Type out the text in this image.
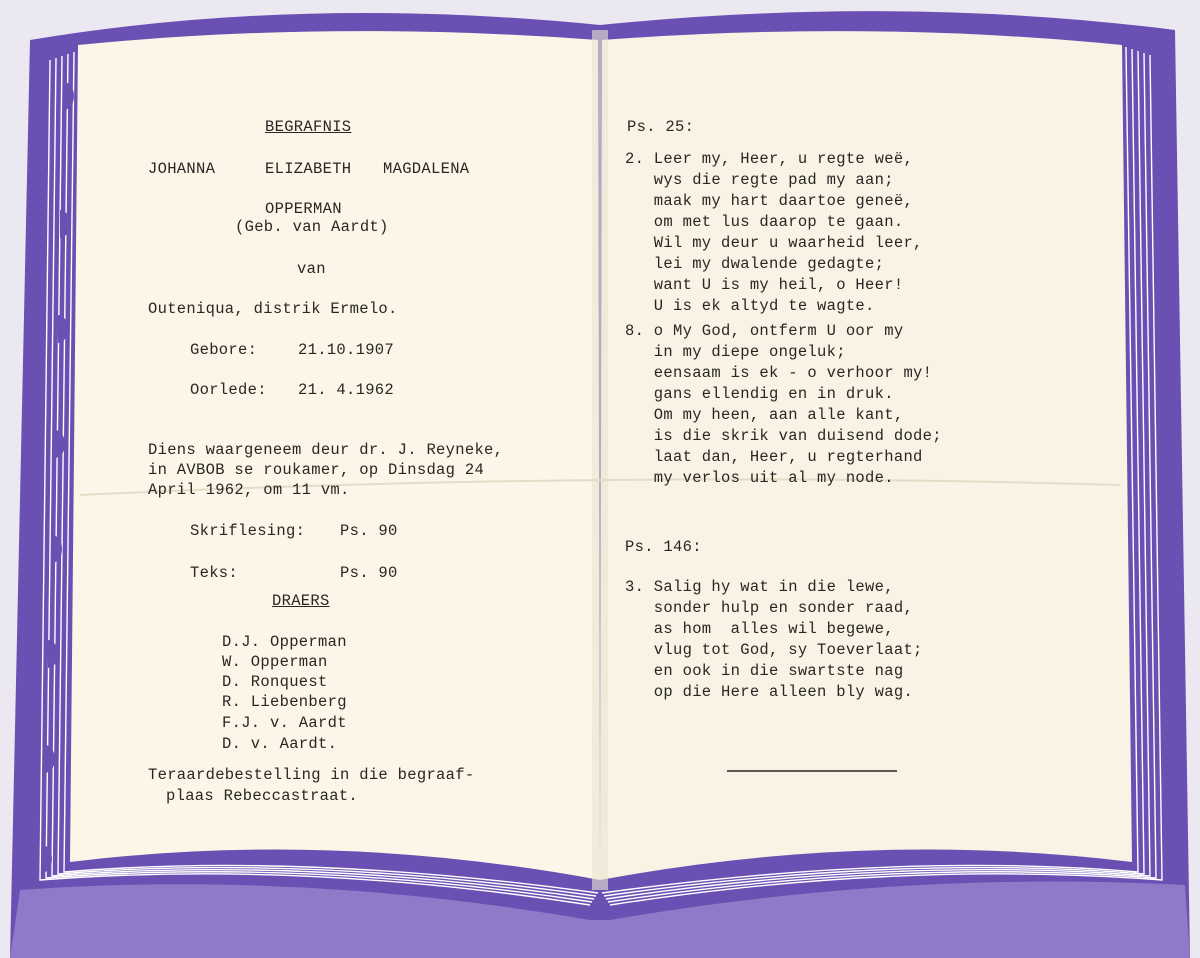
BEGRAFNIS
JOHANNA	ELIZABETH MAGDALENA
OPPERMAN
(Geb. van Aardt)
van
Outeniqua, distrik Ermelo.
Gebore:	21.10.1907
Oorlede: 21. 4.1962
Diens waargeneem deur dr. J. Reyneke,
in AVBOB se roukamer, op Dinsdag 24
April 1962, om 11 vm.
Skriflesing: Ps. 90
Teks:	Ps. 90
DRAERS
D.J. Opperman
W. Opperman
D. Ronquest
R. Liebenberg
F.J. v. Aardt
D. v. Aardt.
Teraardebestelling in die begraaf-
plaas Rebeccastraat.
Ps. 25:
2. Leer my, Heer, u regte weë,
wys die regte pad my aan;
maak my hart daartoe geneë,
om met lus daarop te gaan.
Wil my deur u waarheid leer,
lei my dwalende gedagte;
want U is my heil, o Heer!
U is ek altyd te wagte.
8. o My God, ontferm U oor my
in my diepe ongeluk;
eensaam is ek - o verhoor my!
gans ellendig en in druk.
Om my heen, aan alle kant,
is die skrik van duisend dode;
laat dan, Heer, u regterhand
my verlos uit al my node.
Ps. 146:
3. Salig hy wat in die lewe,
sonder hulp en sonder raad,
as hom  alles wil begewe,
vlug tot God, sy Toeverlaat;
en ook in die swartste nag
op die Here alleen bly wag.
